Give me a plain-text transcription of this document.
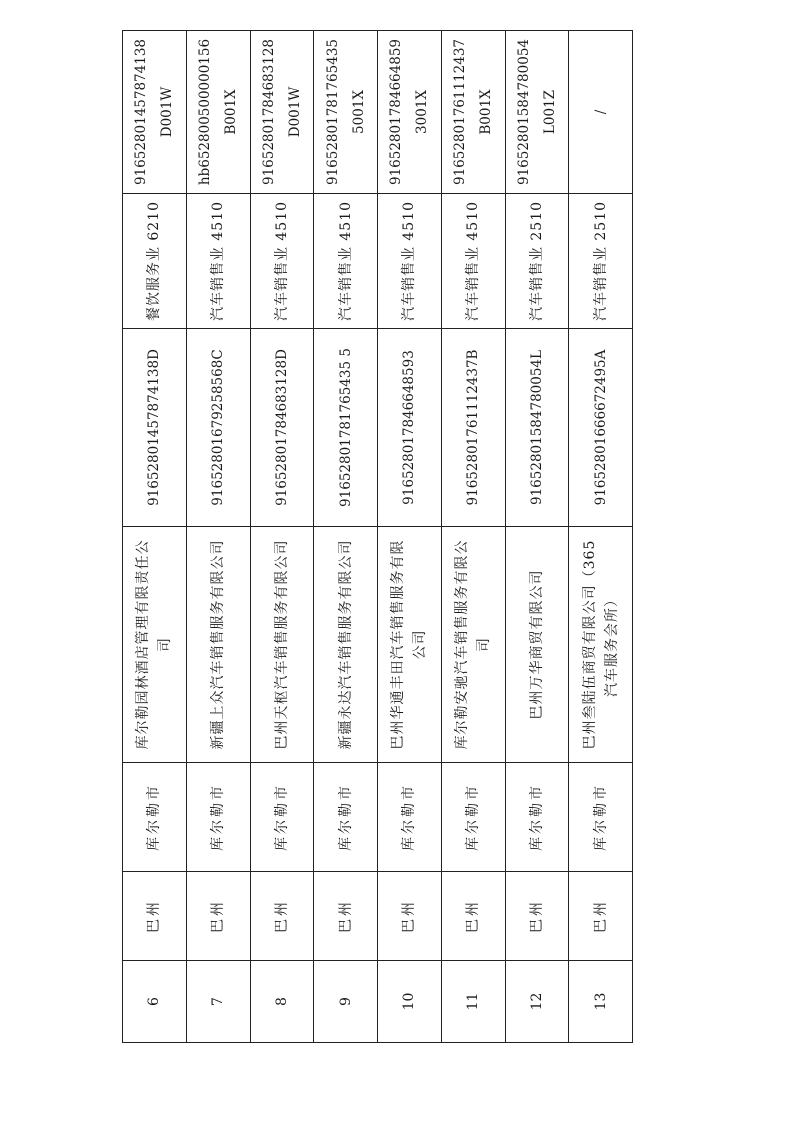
6	巴州	库尔勒市	库尔勒园林酒店管理有限责任公司	91652801457874138D	餐饮服务业 6210	91652801457874138D001W
7	巴州	库尔勒市	新疆上众汽车销售服务有限公司	91652801679258568C	汽车销售业 4510	hb652800500000156B001X
8	巴州	库尔勒市	巴州天枢汽车销售服务有限公司	91652801784683128D	汽车销售业 4510	91652801784683128D001W
9	巴州	库尔勒市	新疆永达汽车销售服务有限公司	91652801781765435 5	汽车销售业 4510	916528017817654355001X
10	巴州	库尔勒市	巴州华通丰田汽车销售服务有限公司	916528017846648593	汽车销售业 4510	916528017846648593001X
11	巴州	库尔勒市	库尔勒安驰汽车销售服务有限公司	91652801761112437B	汽车销售业 4510	91652801761112437B001X
12	巴州	库尔勒市	巴州万华商贸有限公司	91652801584780054L	汽车销售业 2510	91652801584780054L001Z
13	巴州	库尔勒市	巴州叁陆伍商贸有限公司（365汽车服务会所）	91652801666672495A	汽车销售业 2510	/
